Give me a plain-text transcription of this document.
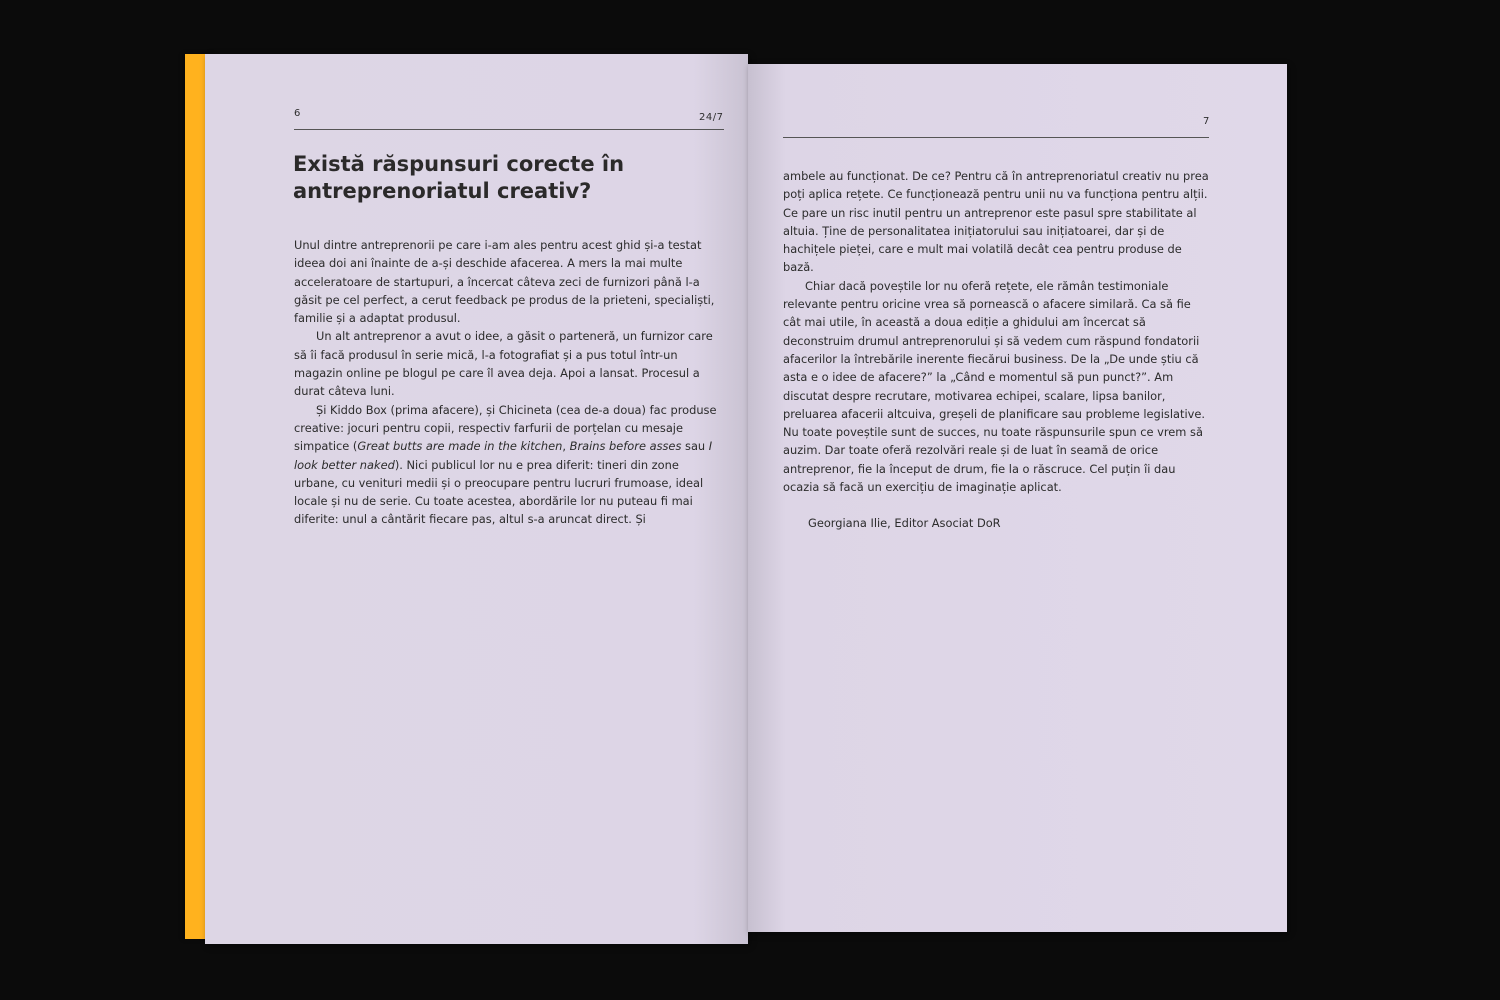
6	24/7
Există răspunsuri corecte în antreprenoriatul creativ?

Unul dintre antreprenorii pe care i-am ales pentru acest ghid și-a testat ideea doi ani înainte de a-și deschide afacerea. A mers la mai multe acceleratoare de startupuri, a încercat câteva zeci de furnizori până l-a găsit pe cel perfect, a cerut feedback pe produs de la prieteni, specialiști, familie și a adaptat produsul.

Un alt antreprenor a avut o idee, a găsit o parteneră, un furnizor care să îi facă produsul în serie mică, l-a fotografiat și a pus totul într-un magazin online pe blogul pe care îl avea deja. Apoi a lansat. Procesul a durat câteva luni.

Și Kiddo Box (prima afacere), și Chicineta (cea de-a doua) fac produse creative: jocuri pentru copii, respectiv farfurii de porțelan cu mesaje simpatice (Great butts are made in the kitchen, Brains before asses sau I look better naked). Nici publicul lor nu e prea diferit: tineri din zone urbane, cu venituri medii și o preocupare pentru lucruri frumoase, ideal locale și nu de serie. Cu toate acestea, abordările lor nu puteau fi mai diferite: unul a cântărit fiecare pas, altul s-a aruncat direct. Și

7

ambele au funcționat. De ce? Pentru că în antreprenoriatul creativ nu prea poți aplica rețete. Ce funcționează pentru unii nu va funcționa pentru alții. Ce pare un risc inutil pentru un antreprenor este pasul spre stabilitate al altuia. Ține de personalitatea inițiatorului sau inițiatoarei, dar și de hachițele pieței, care e mult mai volatilă decât cea pentru produse de bază.

Chiar dacă poveștile lor nu oferă rețete, ele rămân testimoniale relevante pentru oricine vrea să pornească o afacere similară. Ca să fie cât mai utile, în această a doua ediție a ghidului am încercat să deconstruim drumul antreprenorului și să vedem cum răspund fondatorii afacerilor la întrebările inerente fiecărui business. De la „De unde știu că asta e o idee de afacere?” la „Când e momentul să pun punct?”. Am discutat despre recrutare, motivarea echipei, scalare, lipsa banilor, preluarea afacerii altcuiva, greșeli de planificare sau probleme legislative. Nu toate poveștile sunt de succes, nu toate răspunsurile spun ce vrem să auzim. Dar toate oferă rezolvări reale și de luat în seamă de orice antreprenor, fie la început de drum, fie la o răscruce. Cel puțin îi dau ocazia să facă un exercițiu de imaginație aplicat.

Georgiana Ilie, Editor Asociat DoR
